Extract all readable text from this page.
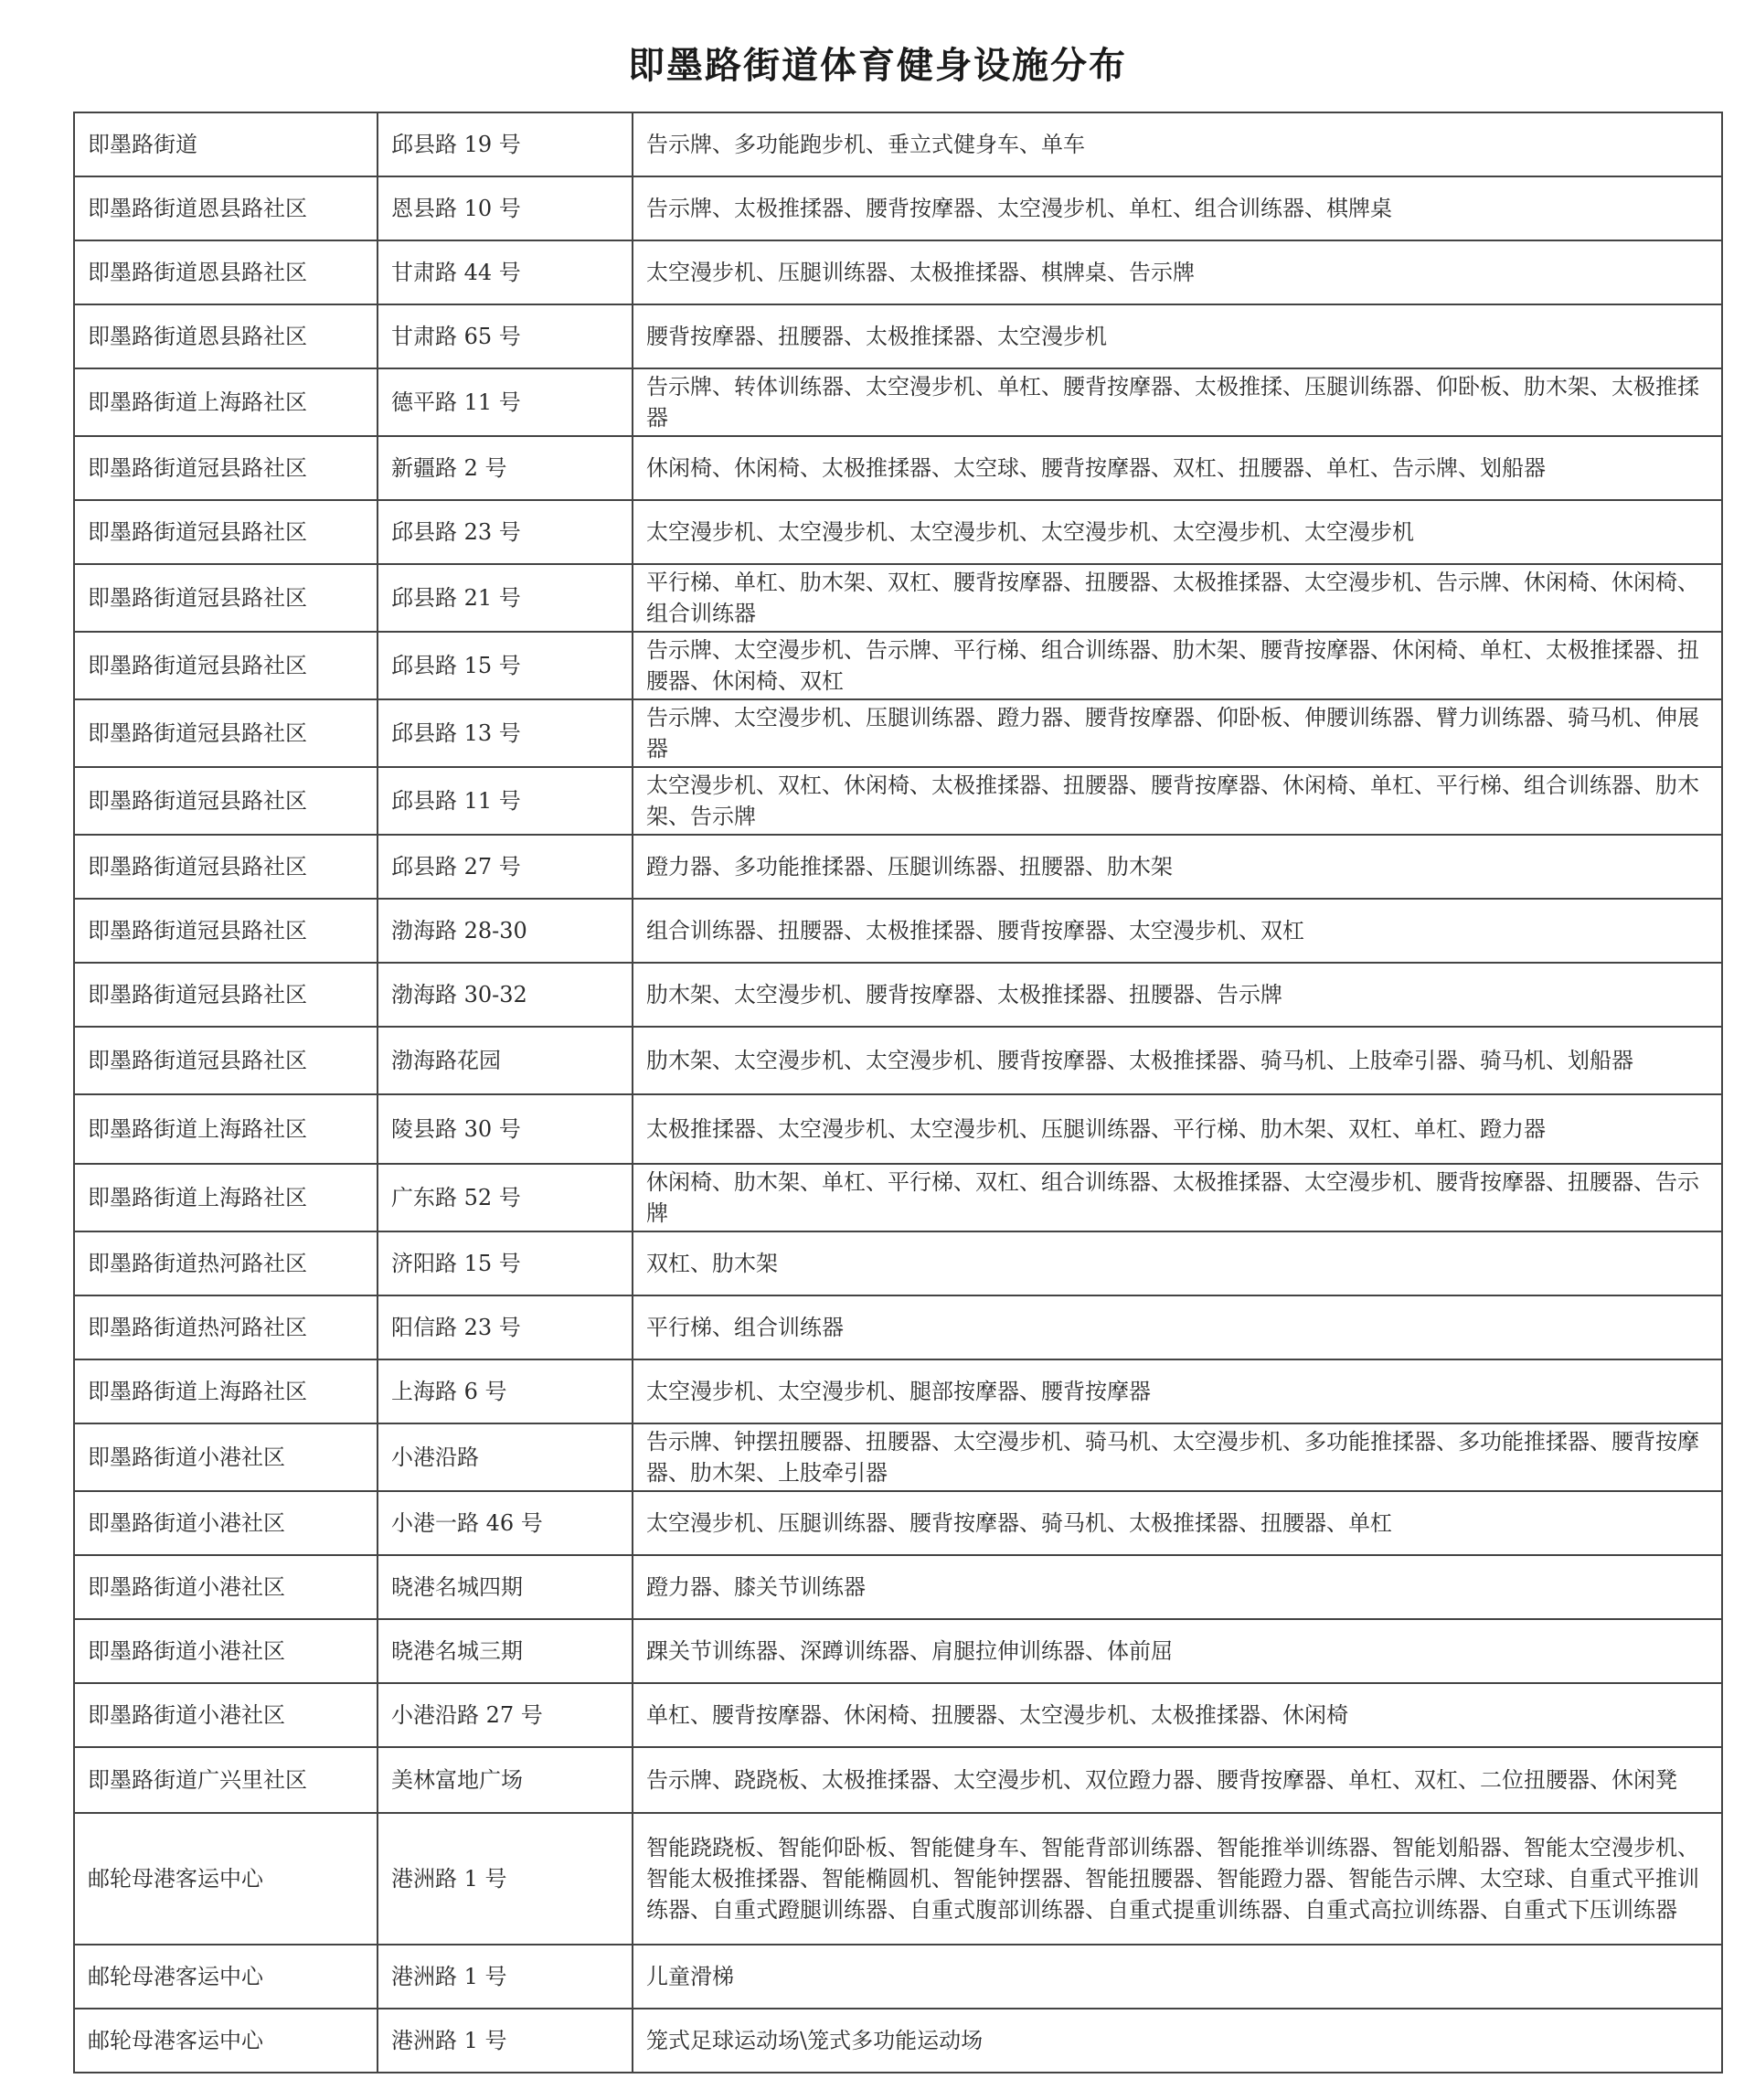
即墨路街道体育健身设施分布
即墨路街道	邱县路 19 号	告示牌、多功能跑步机、垂立式健身车、单车
即墨路街道恩县路社区	恩县路 10 号	告示牌、太极推揉器、腰背按摩器、太空漫步机、单杠、组合训练器、棋牌桌
即墨路街道恩县路社区	甘肃路 44 号	太空漫步机、压腿训练器、太极推揉器、棋牌桌、告示牌
即墨路街道恩县路社区	甘肃路 65 号	腰背按摩器、扭腰器、太极推揉器、太空漫步机
即墨路街道上海路社区	德平路 11 号	告示牌、转体训练器、太空漫步机、单杠、腰背按摩器、太极推揉、压腿训练器、仰卧板、肋木架、太极推揉器
即墨路街道冠县路社区	新疆路 2 号	休闲椅、休闲椅、太极推揉器、太空球、腰背按摩器、双杠、扭腰器、单杠、告示牌、划船器
即墨路街道冠县路社区	邱县路 23 号	太空漫步机、太空漫步机、太空漫步机、太空漫步机、太空漫步机、太空漫步机
即墨路街道冠县路社区	邱县路 21 号	平行梯、单杠、肋木架、双杠、腰背按摩器、扭腰器、太极推揉器、太空漫步机、告示牌、休闲椅、休闲椅、组合训练器
即墨路街道冠县路社区	邱县路 15 号	告示牌、太空漫步机、告示牌、平行梯、组合训练器、肋木架、腰背按摩器、休闲椅、单杠、太极推揉器、扭腰器、休闲椅、双杠
即墨路街道冠县路社区	邱县路 13 号	告示牌、太空漫步机、压腿训练器、蹬力器、腰背按摩器、仰卧板、伸腰训练器、臂力训练器、骑马机、伸展器
即墨路街道冠县路社区	邱县路 11 号	太空漫步机、双杠、休闲椅、太极推揉器、扭腰器、腰背按摩器、休闲椅、单杠、平行梯、组合训练器、肋木架、告示牌
即墨路街道冠县路社区	邱县路 27 号	蹬力器、多功能推揉器、压腿训练器、扭腰器、肋木架
即墨路街道冠县路社区	渤海路 28-30	组合训练器、扭腰器、太极推揉器、腰背按摩器、太空漫步机、双杠
即墨路街道冠县路社区	渤海路 30-32	肋木架、太空漫步机、腰背按摩器、太极推揉器、扭腰器、告示牌
即墨路街道冠县路社区	渤海路花园	肋木架、太空漫步机、太空漫步机、腰背按摩器、太极推揉器、骑马机、上肢牵引器、骑马机、划船器
即墨路街道上海路社区	陵县路 30 号	太极推揉器、太空漫步机、太空漫步机、压腿训练器、平行梯、肋木架、双杠、单杠、蹬力器
即墨路街道上海路社区	广东路 52 号	休闲椅、肋木架、单杠、平行梯、双杠、组合训练器、太极推揉器、太空漫步机、腰背按摩器、扭腰器、告示牌
即墨路街道热河路社区	济阳路 15 号	双杠、肋木架
即墨路街道热河路社区	阳信路 23 号	平行梯、组合训练器
即墨路街道上海路社区	上海路 6 号	太空漫步机、太空漫步机、腿部按摩器、腰背按摩器
即墨路街道小港社区	小港沿路	告示牌、钟摆扭腰器、扭腰器、太空漫步机、骑马机、太空漫步机、多功能推揉器、多功能推揉器、腰背按摩器、肋木架、上肢牵引器
即墨路街道小港社区	小港一路 46 号	太空漫步机、压腿训练器、腰背按摩器、骑马机、太极推揉器、扭腰器、单杠
即墨路街道小港社区	晓港名城四期	蹬力器、膝关节训练器
即墨路街道小港社区	晓港名城三期	踝关节训练器、深蹲训练器、肩腿拉伸训练器、体前屈
即墨路街道小港社区	小港沿路 27 号	单杠、腰背按摩器、休闲椅、扭腰器、太空漫步机、太极推揉器、休闲椅
即墨路街道广兴里社区	美林富地广场	告示牌、跷跷板、太极推揉器、太空漫步机、双位蹬力器、腰背按摩器、单杠、双杠、二位扭腰器、休闲凳
邮轮母港客运中心	港洲路 1 号	智能跷跷板、智能仰卧板、智能健身车、智能背部训练器、智能推举训练器、智能划船器、智能太空漫步机、智能太极推揉器、智能椭圆机、智能钟摆器、智能扭腰器、智能蹬力器、智能告示牌、太空球、自重式平推训练器、自重式蹬腿训练器、自重式腹部训练器、自重式提重训练器、自重式高拉训练器、自重式下压训练器
邮轮母港客运中心	港洲路 1 号	儿童滑梯
邮轮母港客运中心	港洲路 1 号	笼式足球运动场\笼式多功能运动场
